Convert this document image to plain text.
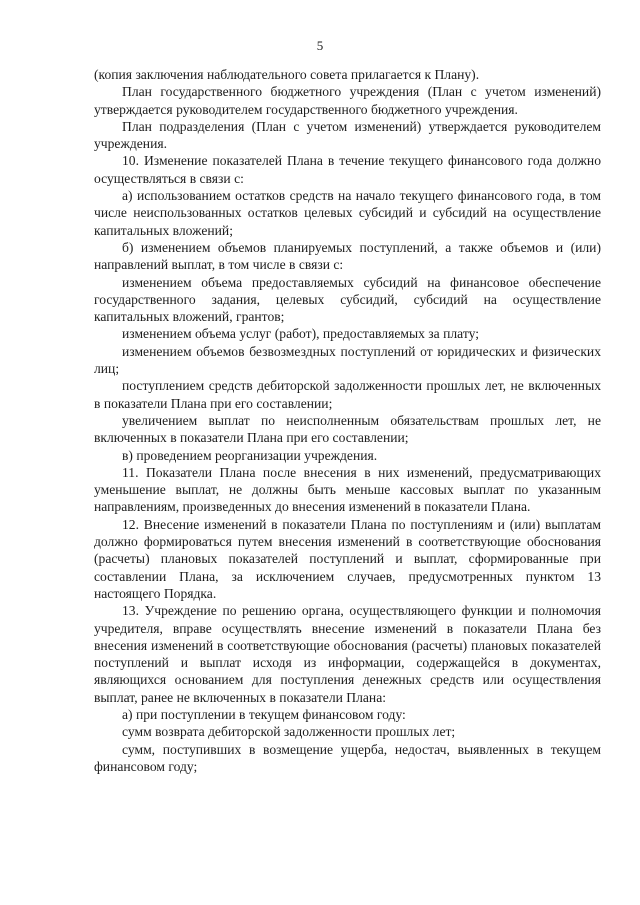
5

(копия заключения наблюдательного совета прилагается к Плану).

План государственного бюджетного учреждения (План с учетом изменений) утверждается руководителем государственного бюджетного учреждения.

План подразделения (План с учетом изменений) утверждается руководителем учреждения.

10. Изменение показателей Плана в течение текущего финансового года должно осуществляться в связи с:

а) использованием остатков средств на начало текущего финансового года, в том числе неиспользованных остатков целевых субсидий и субсидий на осуществление капитальных вложений;

б) изменением объемов планируемых поступлений, а также объемов и (или) направлений выплат, в том числе в связи с:

изменением объема предоставляемых субсидий на финансовое обеспечение государственного задания, целевых субсидий, субсидий на осуществление капитальных вложений, грантов;

изменением объема услуг (работ), предоставляемых за плату;

изменением объемов безвозмездных поступлений от юридических и физических лиц;

поступлением средств дебиторской задолженности прошлых лет, не включенных в показатели Плана при его составлении;

увеличением выплат по неисполненным обязательствам прошлых лет, не включенных в показатели Плана при его составлении;

в) проведением реорганизации учреждения.

11. Показатели Плана после внесения в них изменений, предусматривающих уменьшение выплат, не должны быть меньше кассовых выплат по указанным направлениям, произведенных до внесения изменений в показатели Плана.

12. Внесение изменений в показатели Плана по поступлениям и (или) выплатам должно формироваться путем внесения изменений в соответствующие обоснования (расчеты) плановых показателей поступлений и выплат, сформированные при составлении Плана, за исключением случаев, предусмотренных пунктом 13 настоящего Порядка.

13. Учреждение по решению органа, осуществляющего функции и полномочия учредителя, вправе осуществлять внесение изменений в показатели Плана без внесения изменений в соответствующие обоснования (расчеты) плановых показателей поступлений и выплат исходя из информации, содержащейся в документах, являющихся основанием для поступления денежных средств или осуществления выплат, ранее не включенных в показатели Плана:

а) при поступлении в текущем финансовом году:

сумм возврата дебиторской задолженности прошлых лет;

сумм, поступивших в возмещение ущерба, недостач, выявленных в текущем финансовом году;
